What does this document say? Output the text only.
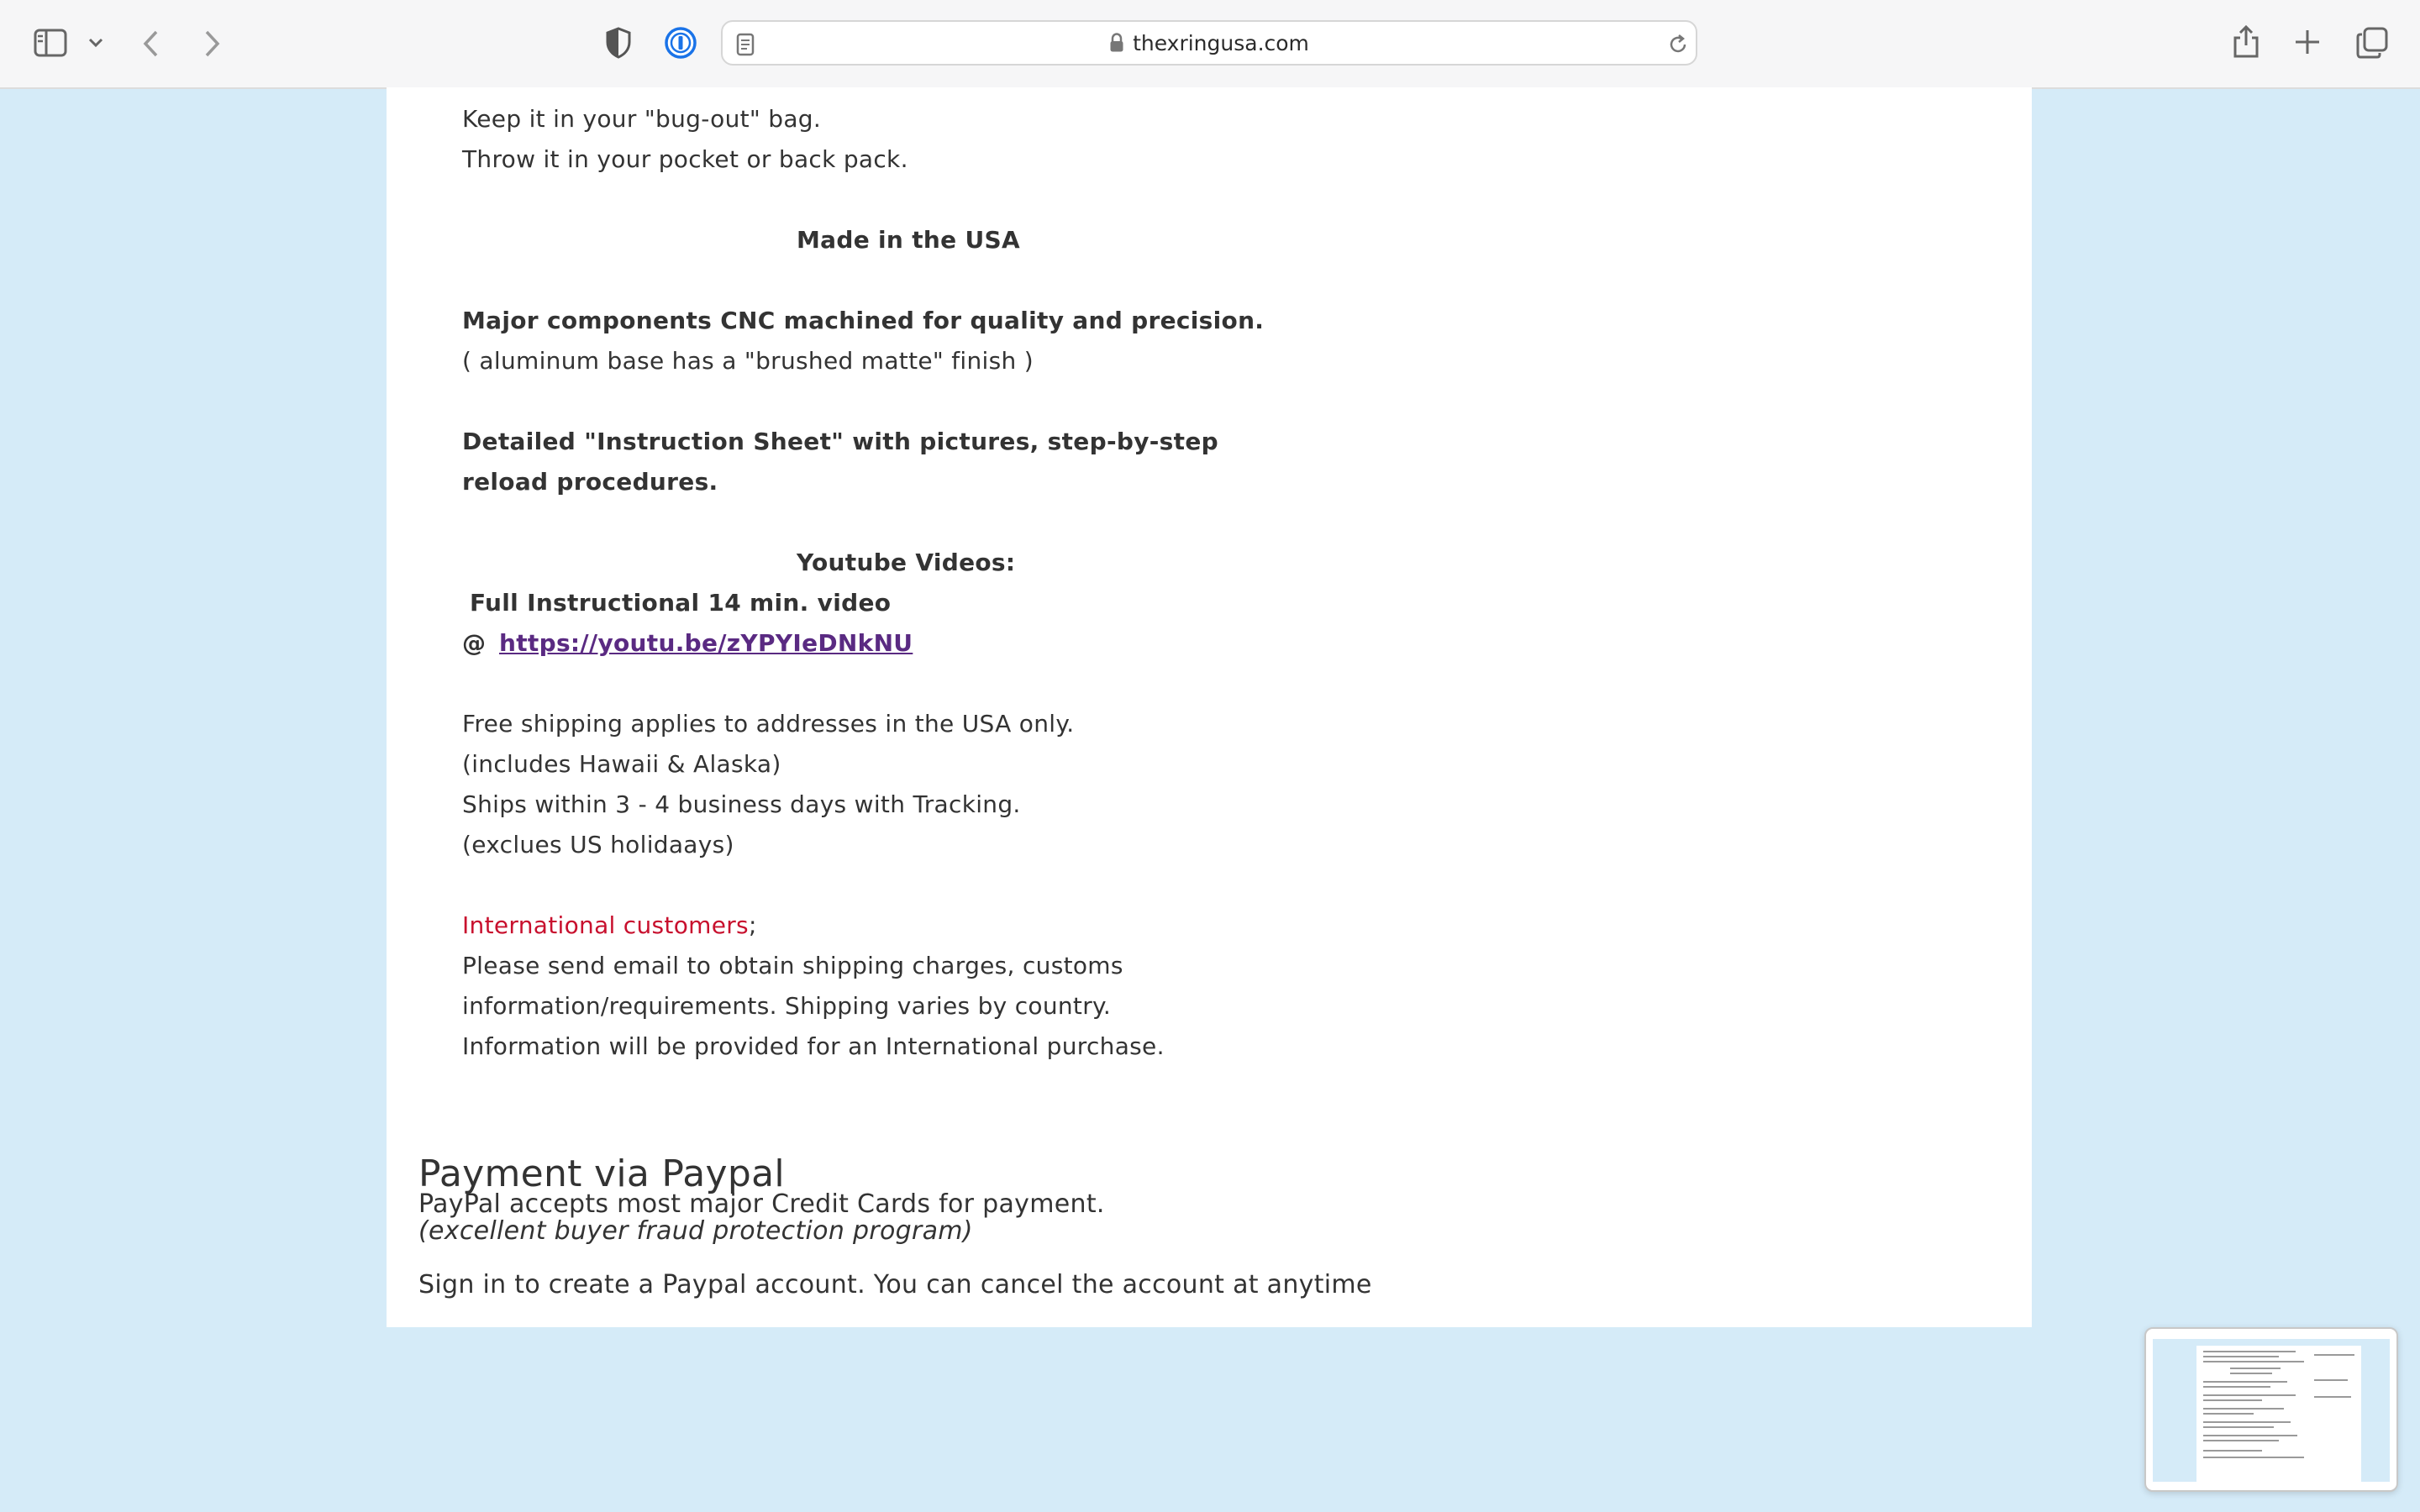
thexringusa.com
Keep it in your "bug-out" bag.
Throw it in your pocket or back pack.
Made in the USA
Major components CNC machined for quality and precision.
( aluminum base has a "brushed matte" finish )
Detailed "Instruction Sheet" with pictures, step-by-step
reload procedures.
Youtube Videos:
Full Instructional 14 min. video
@ https://youtu.be/zYPYIeDNkNU
Free shipping applies to addresses in the USA only.
(includes Hawaii & Alaska)
Ships within 3 - 4 business days with Tracking.
(exclues US holidaays)
International customers;
Please send email to obtain shipping charges, customs
information/requirements. Shipping varies by country.
Information will be provided for an International purchase.
Payment via Paypal
PayPal accepts most major Credit Cards for payment.
(excellent buyer fraud protection program)
Sign in to create a Paypal account. You can cancel the account at anytime
